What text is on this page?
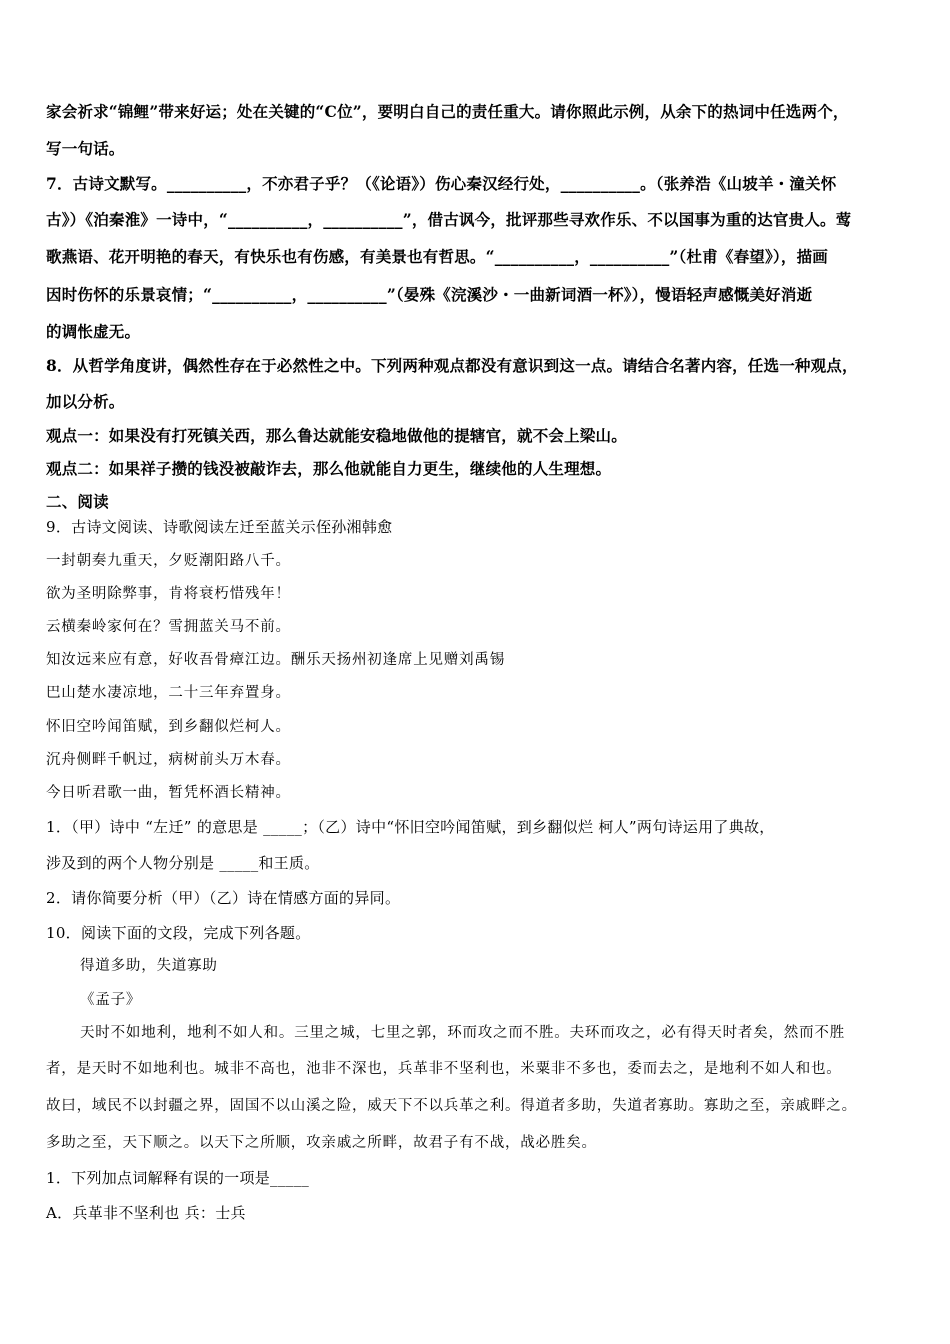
家会祈求“锦鲤”带来好运；处在关键的“C位”，要明白自己的责任重大。请你照此示例，从余下的热词中任选两个，
写一句话。
7．古诗文默写。__________，不亦君子乎？（《论语》）伤心秦汉经行处，__________。（张养浩《山坡羊・潼关怀
古》）《泊秦淮》一诗中，“__________，__________”，借古讽今，批评那些寻欢作乐、不以国事为重的达官贵人。莺
歌燕语、花开明艳的春天，有快乐也有伤感，有美景也有哲思。“__________，__________”（杜甫《春望》），描画
因时伤怀的乐景哀情；“__________，__________”（晏殊《浣溪沙・一曲新词酒一杯》），慢语轻声感慨美好消逝
的调怅虚无。
8．从哲学角度讲，偶然性存在于必然性之中。下列两种观点都没有意识到这一点。请结合名著内容，任选一种观点，
加以分析。
观点一：如果没有打死镇关西，那么鲁达就能安稳地做他的提辖官，就不会上梁山。
观点二：如果祥子攒的钱没被敲诈去，那么他就能自力更生，继续他的人生理想。
二、阅读
9．古诗文阅读、诗歌阅读左迁至蓝关示侄孙湘韩愈
一封朝奏九重天，夕贬潮阳路八千。
欲为圣明除弊事，肯将衰朽惜残年！
云横秦岭家何在？雪拥蓝关马不前。
知汝远来应有意，好收吾骨瘴江边。酬乐天扬州初逢席上见赠刘禹锡
巴山楚水凄凉地，二十三年弃置身。
怀旧空吟闻笛赋，到乡翻似烂柯人。
沉舟侧畔千帆过，病树前头万木春。
今日听君歌一曲，暂凭杯酒长精神。
1．（甲）诗中 “左迁” 的意思是 _____；（乙）诗中“怀旧空吟闻笛赋，到乡翻似烂 柯人”两句诗运用了典故，
涉及到的两个人物分别是 _____和王质。
2．请你简要分析（甲）（乙）诗在情感方面的异同。
10．阅读下面的文段，完成下列各题。
得道多助，失道寡助
《孟子》
天时不如地利，地利不如人和。三里之城，七里之郭，环而攻之而不胜。夫环而攻之，必有得天时者矣，然而不胜
者，是天时不如地利也。城非不高也，池非不深也，兵革非不坚利也，米粟非不多也，委而去之，是地利不如人和也。
故曰，域民不以封疆之界，固国不以山溪之险，威天下不以兵革之利。得道者多助，失道者寡助。寡助之至，亲戚畔之。
多助之至，天下顺之。以天下之所顺，攻亲戚之所畔，故君子有不战，战必胜矣。
1．下列加点词解释有误的一项是_____
A．兵革非不坚利也 兵：士兵
